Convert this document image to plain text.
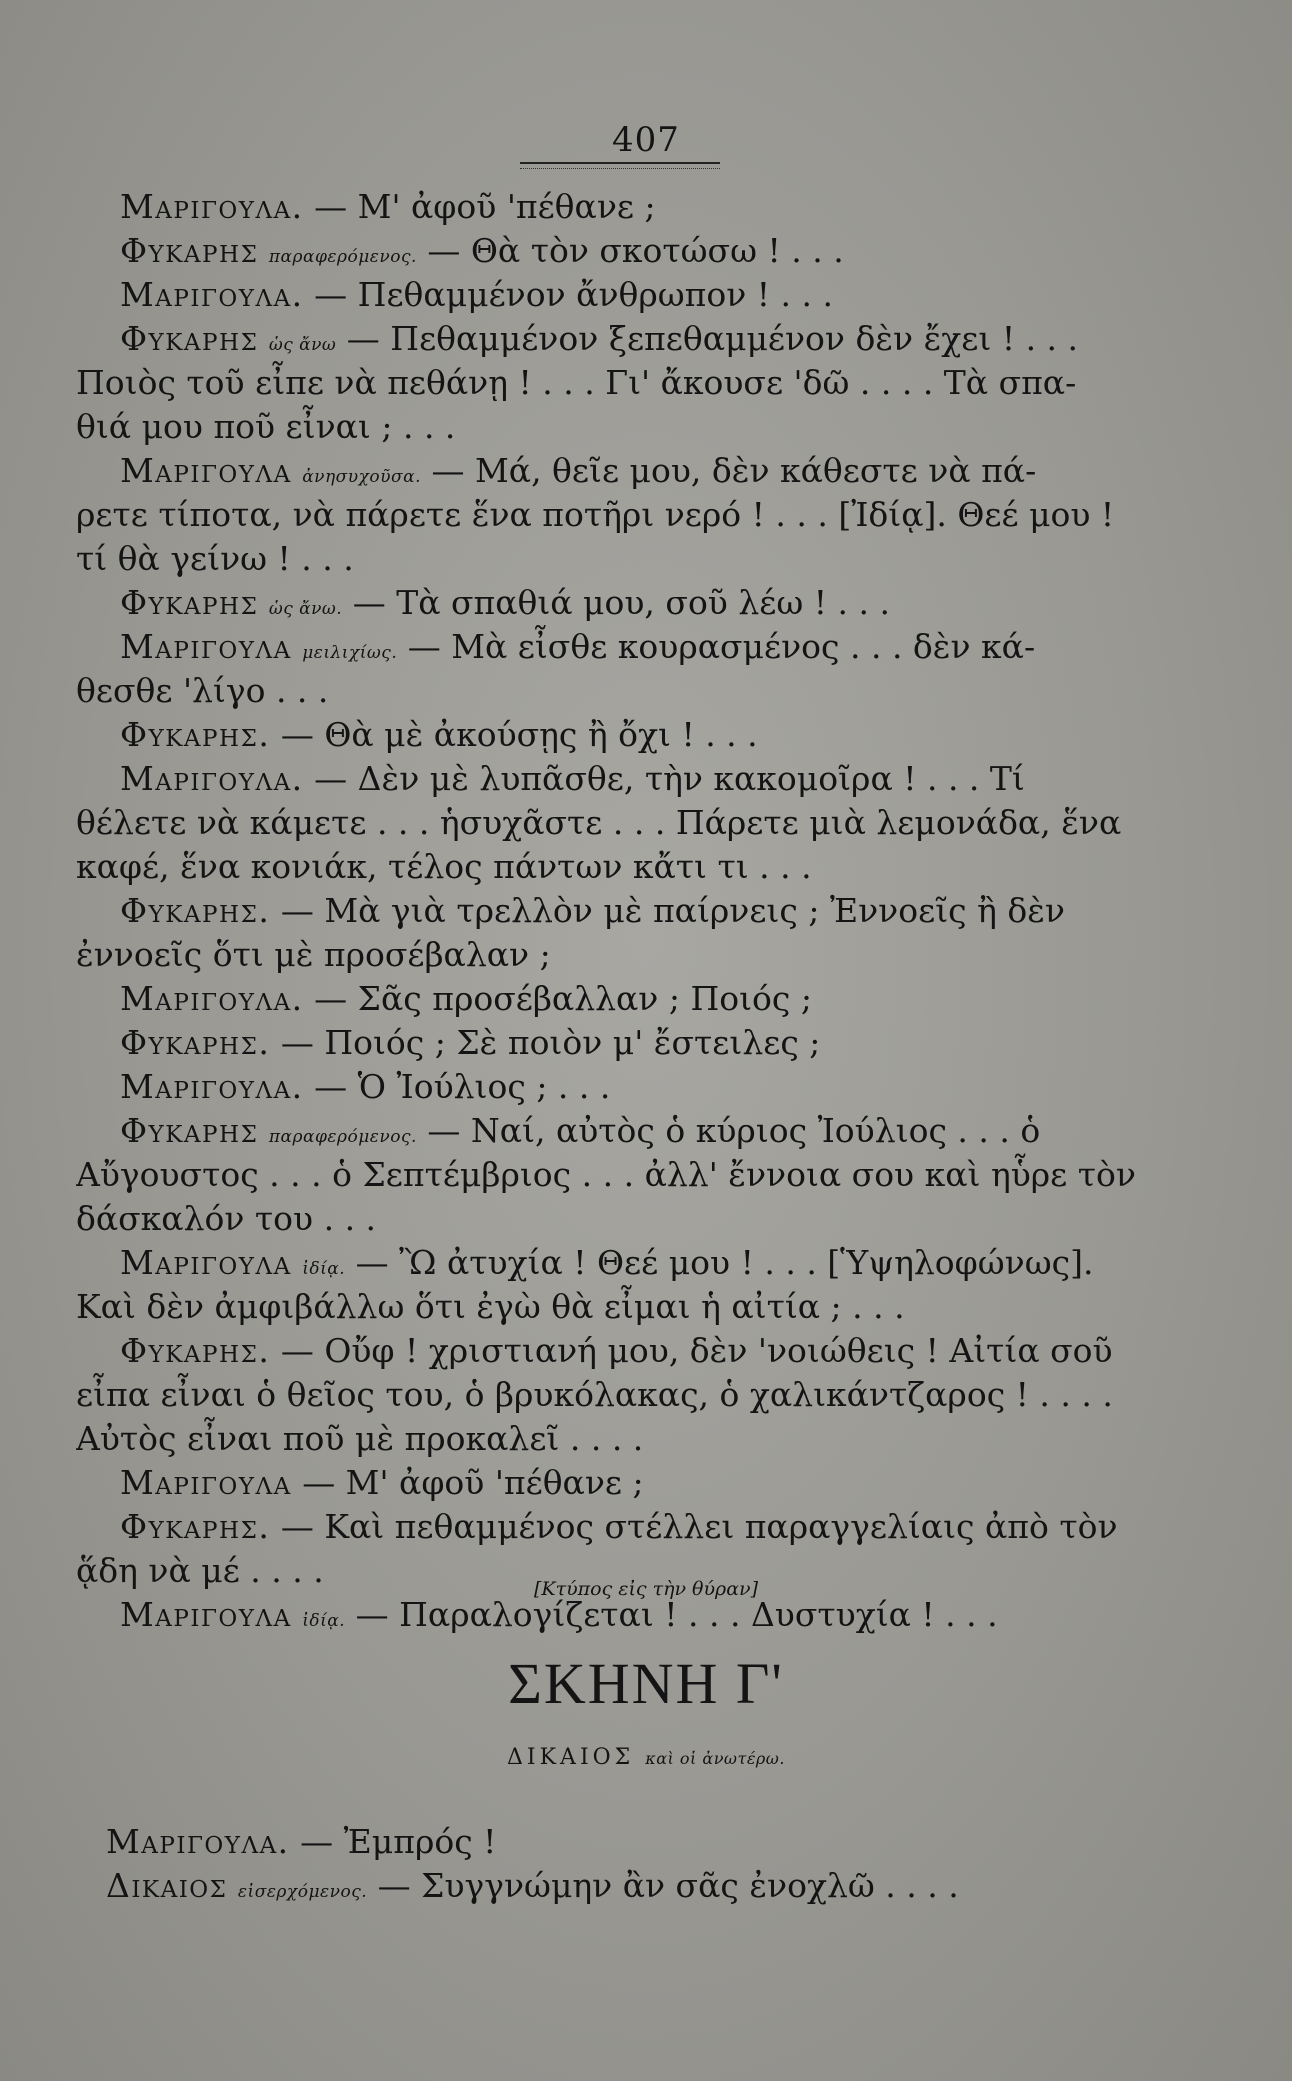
407
Μαριγουλα. — Μ' ἀφοῦ 'πέθανε ;
Φυκαρης παραφερόμενος. — Θὰ τὸν σκοτώσω ! . . .
Μαριγουλα. — Πεθαμμένον ἄνθρωπον ! . . .
Φυκαρης ὡς ἄνω — Πεθαμμένον ξεπεθαμμένον δὲν ἔχει ! . . .
Ποιὸς τοῦ εἶπε νὰ πεθάνῃ ! . . . Γι' ἄκουσε 'δῶ . . . . Τὰ σπα-
θιά μου ποῦ εἶναι ; . . .
Μαριγουλα ἀνησυχοῦσα. — Μά, θεῖε μου, δὲν κάθεστε νὰ πά-
ρετε τίποτα, νὰ πάρετε ἕνα ποτῆρι νερό ! . . . [Ἰδίᾳ]. Θεέ μου !
τί θὰ γείνω ! . . .
Φυκαρης ὡς ἄνω. — Τὰ σπαθιά μου, σοῦ λέω ! . . .
Μαριγουλα μειλιχίως. — Μὰ εἶσθε κουρασμένος . . . δὲν κά-
θεσθε 'λίγο . . .
Φυκαρης. — Θὰ μὲ ἀκούσῃς ἢ ὄχι ! . . .
Μαριγουλα. — Δὲν μὲ λυπᾶσθε, τὴν κακομοῖρα ! . . . Τί
θέλετε νὰ κάμετε . . . ἡσυχᾶστε . . . Πάρετε μιὰ λεμονάδα, ἕνα
καφέ, ἕνα κονιάκ, τέλος πάντων κἄτι τι . . .
Φυκαρης. — Μὰ γιὰ τρελλὸν μὲ παίρνεις ; Ἐννοεῖς ἢ δὲν
ἐννοεῖς ὅτι μὲ προσέβαλαν ;
Μαριγουλα. — Σᾶς προσέβαλλαν ; Ποιός ;
Φυκαρης. — Ποιός ; Σὲ ποιὸν μ' ἔστειλες ;
Μαριγουλα. — Ὁ Ἰούλιος ; . . .
Φυκαρης παραφερόμενος. — Ναί, αὐτὸς ὁ κύριος Ἰούλιος . . . ὁ
Αὔγουστος . . . ὁ Σεπτέμβριος . . . ἀλλ' ἔννοια σου καὶ ηὗρε τὸν
δάσκαλόν του . . .
Μαριγουλα ἰδίᾳ. — Ὢ ἀτυχία ! Θεέ μου ! . . . [Ὑψηλοφώνως].
Καὶ δὲν ἀμφιβάλλω ὅτι ἐγὼ θὰ εἶμαι ἡ αἰτία ; . . .
Φυκαρης. — Οὔφ ! χριστιανή μου, δὲν 'νοιώθεις ! Αἰτία σοῦ
εἶπα εἶναι ὁ θεῖος του, ὁ βρυκόλακας, ὁ χαλικάντζαρος ! . . . .
Αὐτὸς εἶναι ποῦ μὲ προκαλεῖ . . . .
Μαριγουλα — Μ' ἀφοῦ 'πέθανε ;
Φυκαρης. — Καὶ πεθαμμένος στέλλει παραγγελίαις ἀπὸ τὸν
ᾅδη νὰ μέ . . . .
Μαριγουλα ἰδίᾳ. — Παραλογίζεται ! . . . Δυστυχία ! . . .
[Κτύπος εἰς τὴν θύραν]
ΣΚΗΝΗ Γ'
ΔΙΚΑΙΟΣ καὶ οἱ ἀνωτέρω.
Μαριγουλα. — Ἐμπρός !
Δικαιος εἰσερχόμενος. — Συγγνώμην ἂν σᾶς ἐνοχλῶ . . . .
